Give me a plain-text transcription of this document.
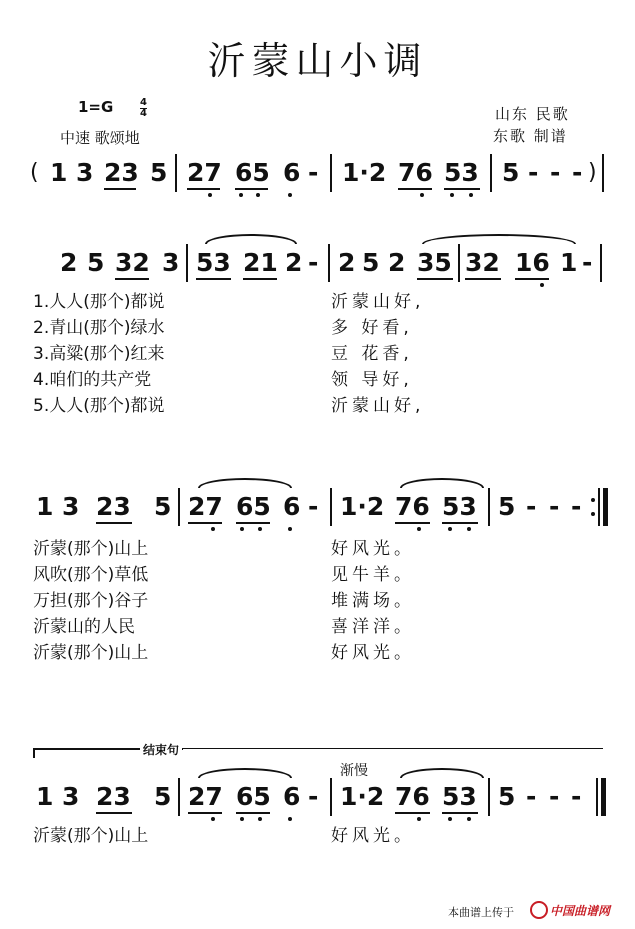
沂蒙山小调
1=G	4
4
中速 歌颂地
山东 民歌
东歌 制谱
( 1 3 23 5 27 65 6 - 1·2 76 53 5 - - - )
2 5 32 3 53 21 2 - 2 5 2 35 32 16 1 -
1.人人(那个)都说	沂蒙山好,
2.青山(那个)绿水	多 好看,
3.高粱(那个)红来	豆 花香,
4.咱们的共产党	领 导好,
5.人人(那个)都说	沂蒙山好,
1 3 23 5 27 65 6 - 1·2 76 53 5 - - -
沂蒙(那个)山上	好风光。
风吹(那个)草低	见牛羊。
万担(那个)谷子	堆满场。
沂蒙山的人民	喜洋洋。
沂蒙(那个)山上	好风光。
结束句
渐慢
1 3 23 5 27 65 6 - 1·2 76 53 5 - - -
沂蒙(那个)山上	好风光。
本曲谱上传于	中国曲谱网
